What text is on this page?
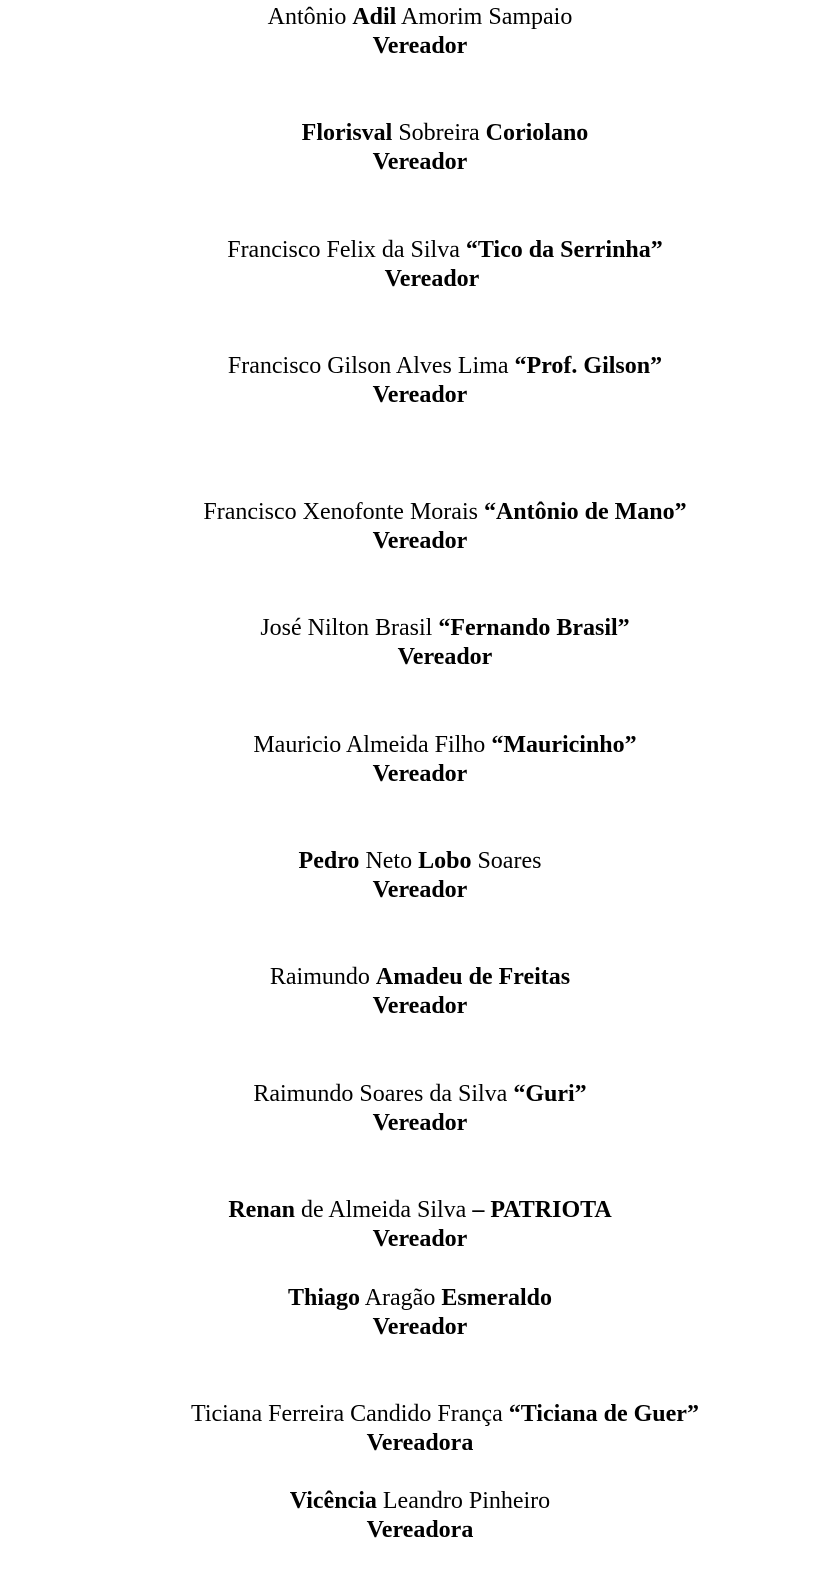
Antônio Adil Amorim Sampaio
Vereador
Florisval Sobreira Coriolano
Vereador
Francisco Felix da Silva “Tico da Serrinha”
Vereador
Francisco Gilson Alves Lima “Prof. Gilson”
Vereador
Francisco Xenofonte Morais “Antônio de Mano”
Vereador
José Nilton Brasil “Fernando Brasil”
Vereador
Mauricio Almeida Filho “Mauricinho”
Vereador
Pedro Neto Lobo Soares
Vereador
Raimundo Amadeu de Freitas
Vereador
Raimundo Soares da Silva “Guri”
Vereador
Renan de Almeida Silva – PATRIOTA
Vereador
Thiago Aragão Esmeraldo
Vereador
Ticiana Ferreira Candido França “Ticiana de Guer”
Vereadora
Vicência Leandro Pinheiro
Vereadora
